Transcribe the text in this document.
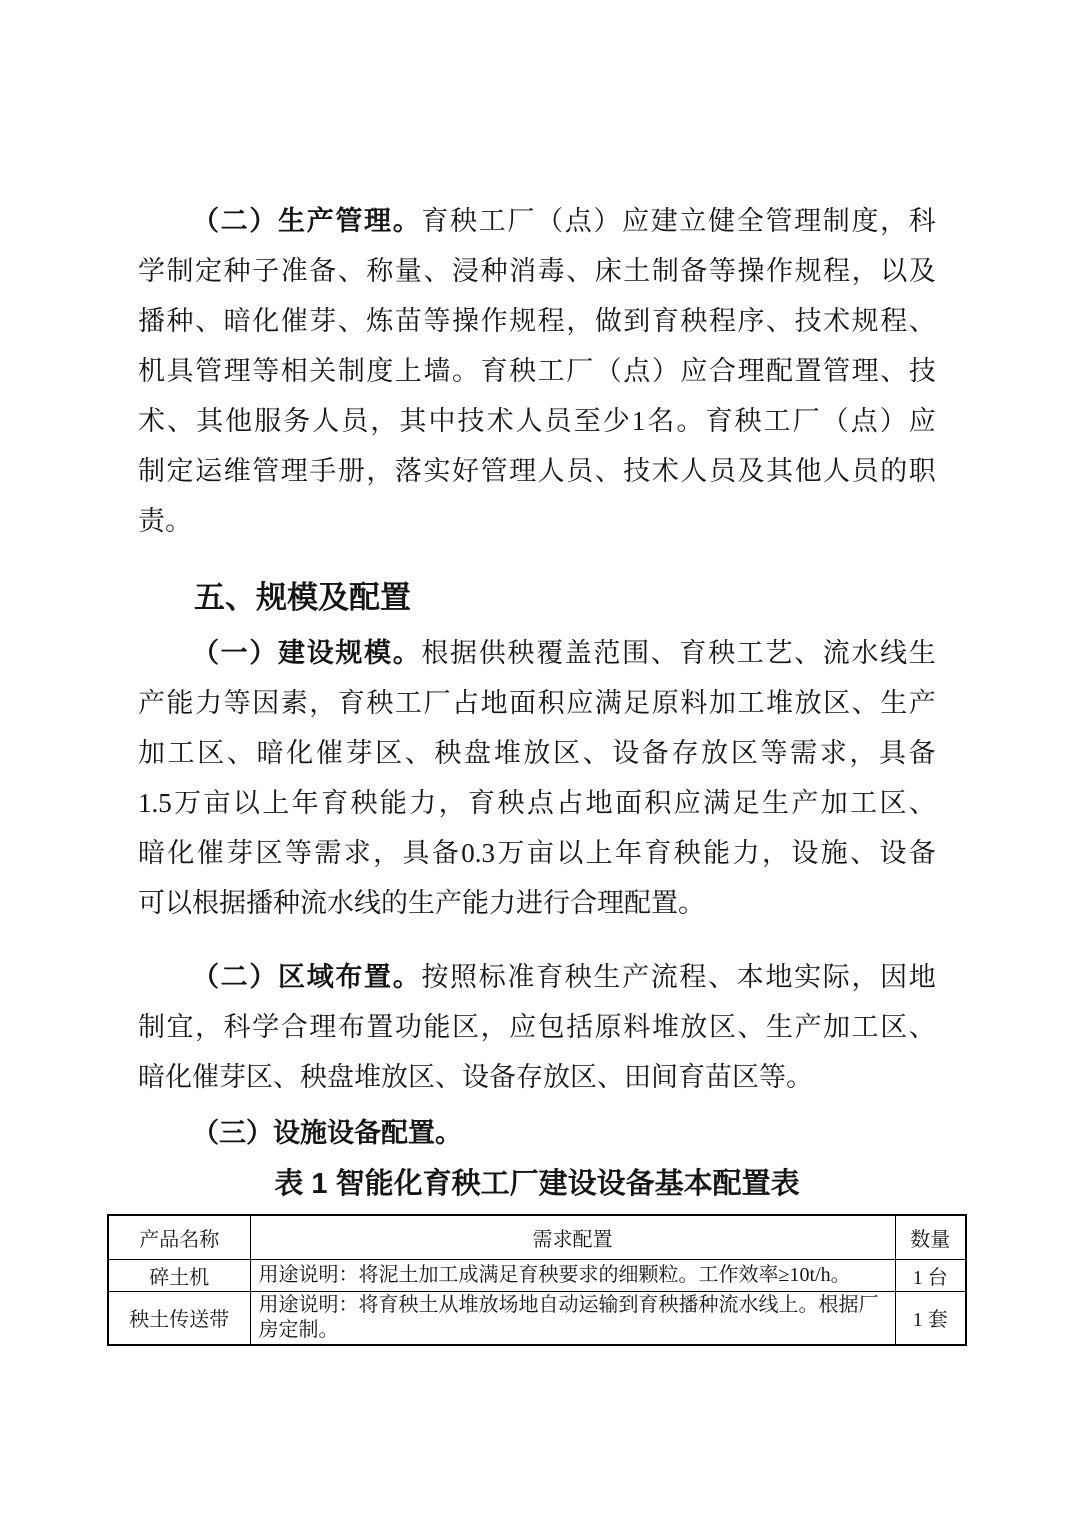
（ 二 ） 生 产 管 理 。 育 秧 工 厂 （ 点 ） 应 建 立 健 全 管 理 制 度 ， 科
学 制 定 种 子 准 备 、 称 量 、 浸 种 消 毒 、 床 土 制 备 等 操 作 规 程 ， 以 及
播 种 、 暗 化 催 芽 、 炼 苗 等 操 作 规 程 ， 做 到 育 秧 程 序 、 技 术 规 程 、
机 具 管 理 等 相 关 制 度 上 墙 。 育 秧 工 厂 （ 点 ） 应 合 理 配 置 管 理 、 技
术 、 其 他 服 务 人 员 ， 其 中 技 术 人 员 至 少 1 名 。 育 秧 工 厂 （ 点 ） 应
制 定 运 维 管 理 手 册 ， 落 实 好 管 理 人 员 、 技 术 人 员 及 其 他 人 员 的 职
责。
五、规模及配置
（ 一 ） 建 设 规 模 。 根 据 供 秧 覆 盖 范 围 、 育 秧 工 艺 、 流 水 线 生
产 能 力 等 因 素 ， 育 秧 工 厂 占 地 面 积 应 满 足 原 料 加 工 堆 放 区 、 生 产
加 工 区 、 暗 化 催 芽 区 、 秧 盘 堆 放 区 、 设 备 存 放 区 等 需 求 ， 具 备
1.5 万 亩 以 上 年 育 秧 能 力 ， 育 秧 点 占 地 面 积 应 满 足 生 产 加 工 区 、
暗 化 催 芽 区 等 需 求 ， 具 备 0.3 万 亩 以 上 年 育 秧 能 力 ， 设 施 、 设 备
可以根据播种流水线的生产能力进行合理配置。
（ 二 ） 区 域 布 置 。 按 照 标 准 育 秧 生 产 流 程 、 本 地 实 际 ， 因 地
制 宜 ， 科 学 合 理 布 置 功 能 区 ， 应 包 括 原 料 堆 放 区 、 生 产 加 工 区 、
暗化催芽区、秧盘堆放区、设备存放区、田间育苗区等。
（三）设施设备配置。
表 1 智能化育秧工厂建设设备基本配置表
产品名称	需求配置	数量
碎土机	用途说明：将泥土加工成满足育秧要求的细颗粒。工作效率≥10t/h。	1 台
秧土传送带	用途说明：将育秧土从堆放场地自动运输到育秧播种流水线上。根据厂房定制。	1 套
